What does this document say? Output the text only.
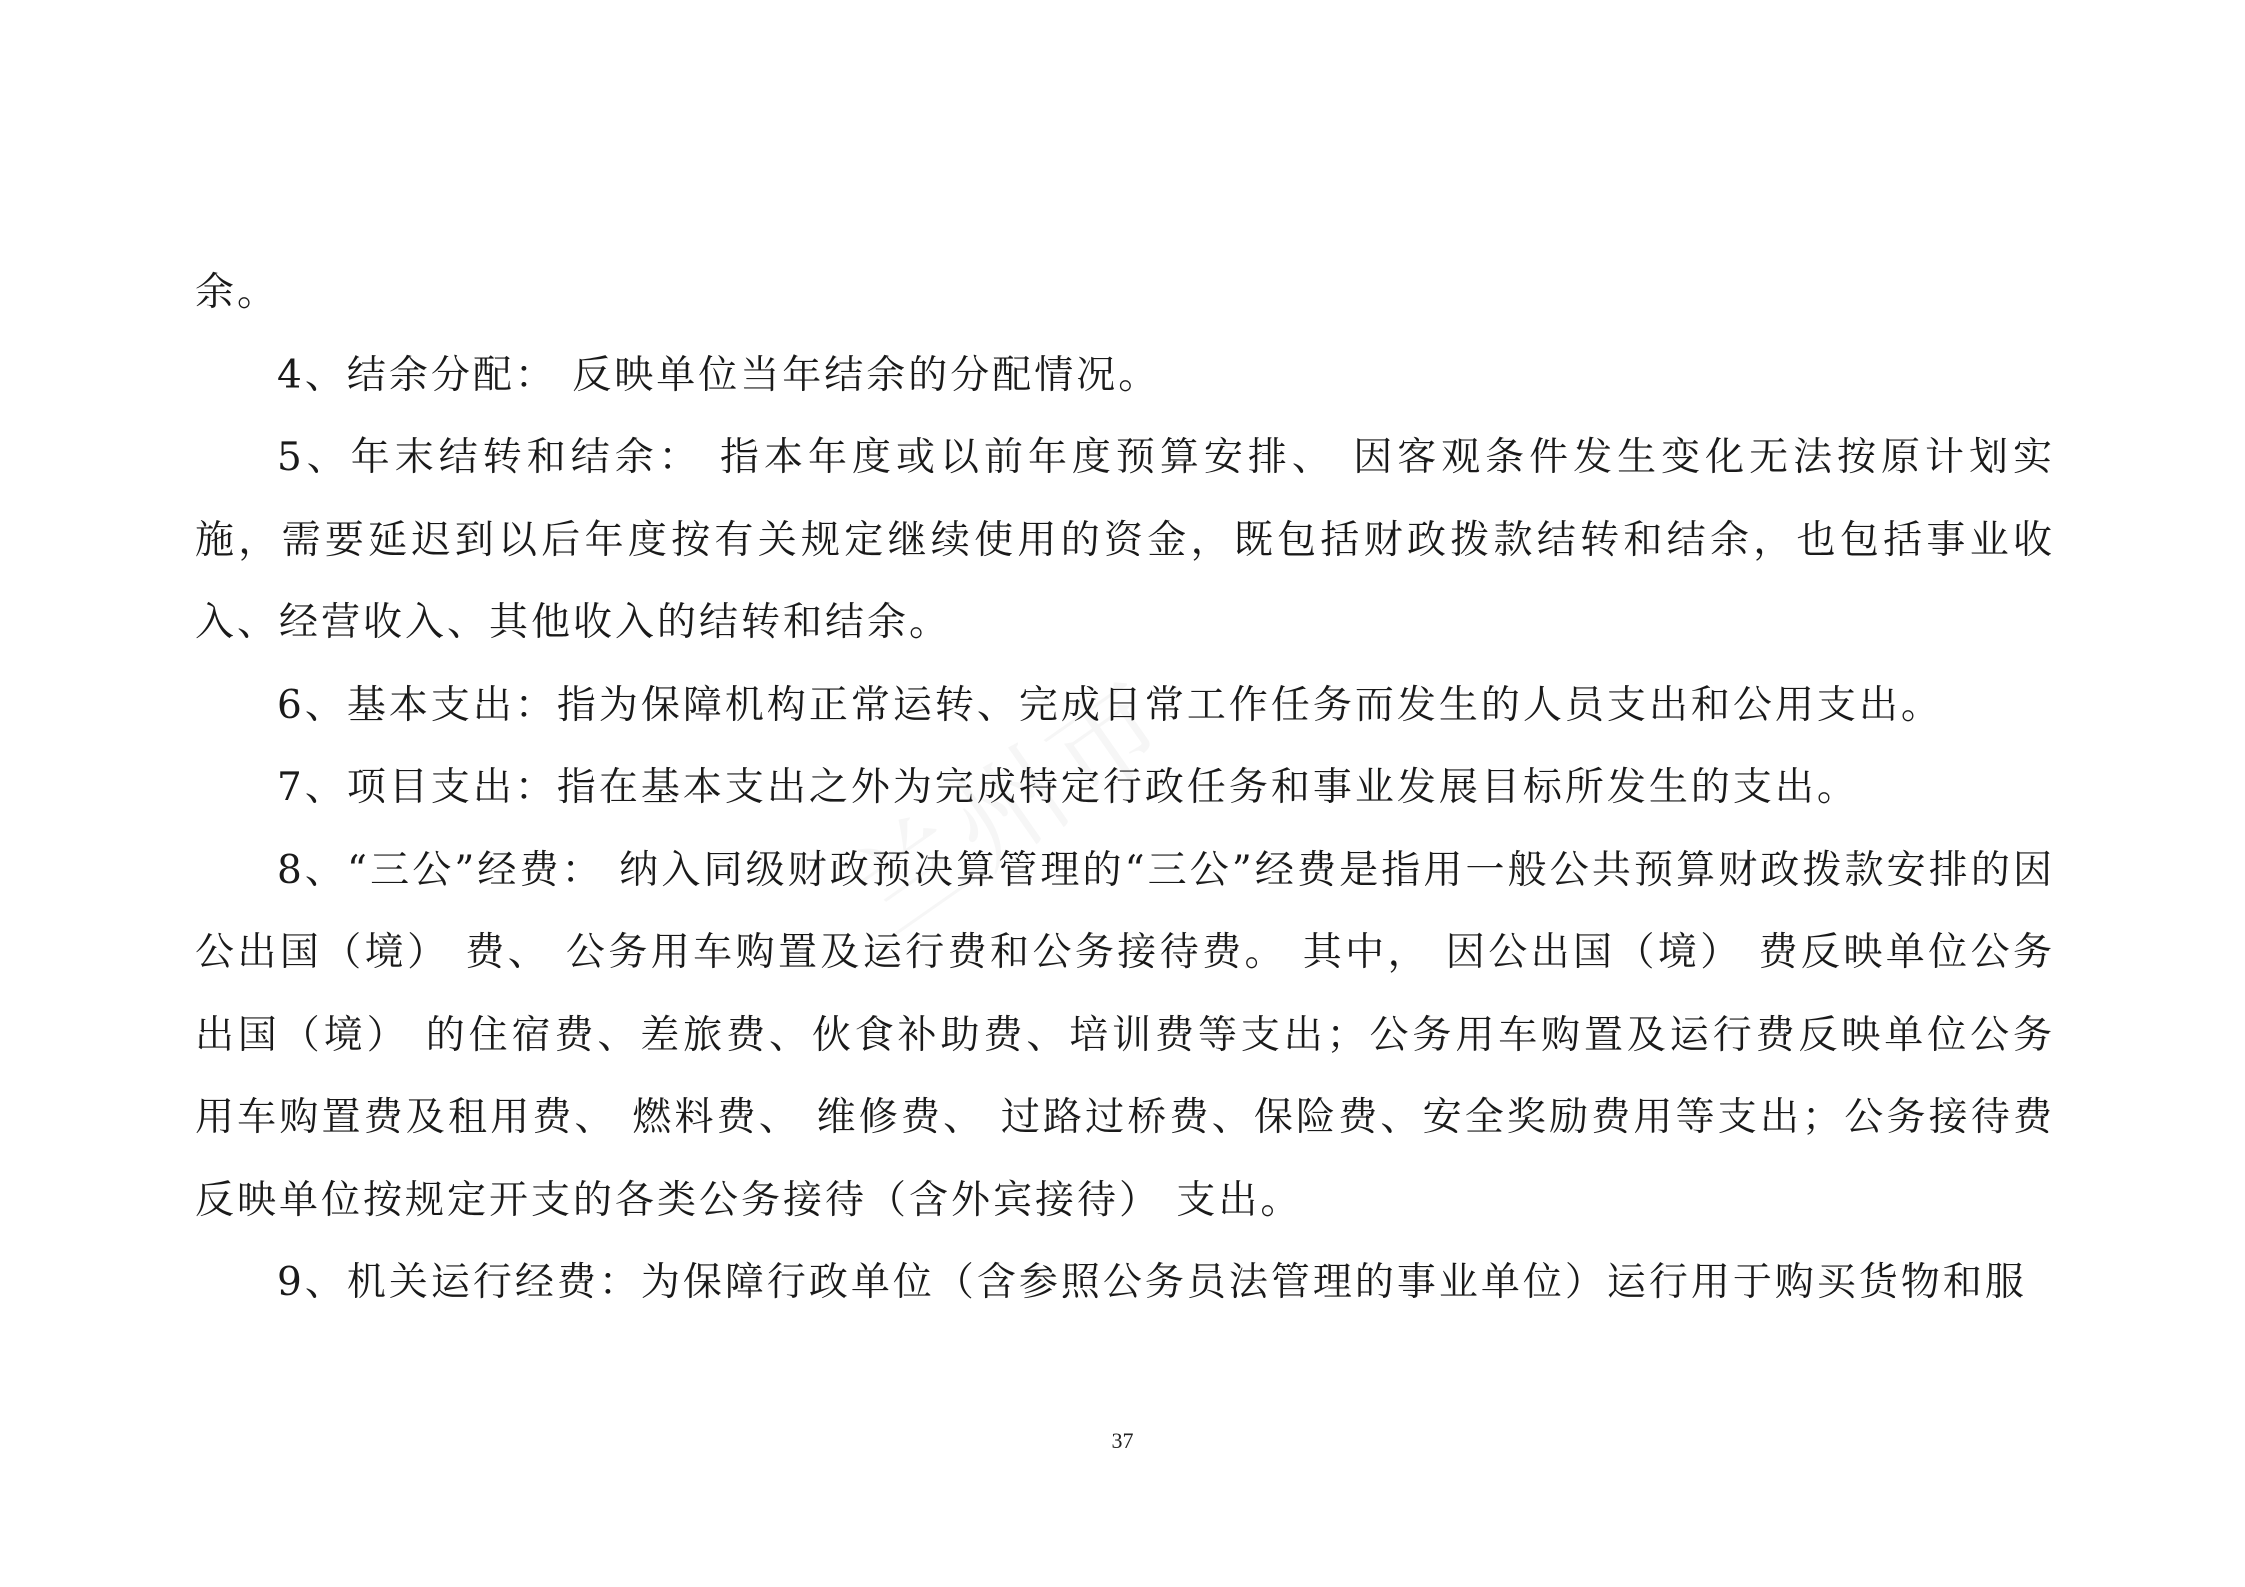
余。

4、结余分配： 反映单位当年结余的分配情况。

5、年末结转和结余： 指本年度或以前年度预算安排、 因客观条件发生变化无法按原计划实施，需要延迟到以后年度按有关规定继续使用的资金，既包括财政拨款结转和结余，也包括事业收入、经营收入、其他收入的结转和结余。

6、基本支出：指为保障机构正常运转、完成日常工作任务而发生的人员支出和公用支出。

7、项目支出：指在基本支出之外为完成特定行政任务和事业发展目标所发生的支出。

8、“三公”经费： 纳入同级财政预决算管理的“三公”经费是指用一般公共预算财政拨款安排的因公出国（境） 费、 公务用车购置及运行费和公务接待费。 其中， 因公出国（境） 费反映单位公务出国（境） 的住宿费、差旅费、伙食补助费、培训费等支出；公务用车购置及运行费反映单位公务用车购置费及租用费、 燃料费、 维修费、 过路过桥费、保险费、安全奖励费用等支出；公务接待费反映单位按规定开支的各类公务接待（含外宾接待） 支出。

9、机关运行经费：为保障行政单位（含参照公务员法管理的事业单位）运行用于购买货物和服

37
